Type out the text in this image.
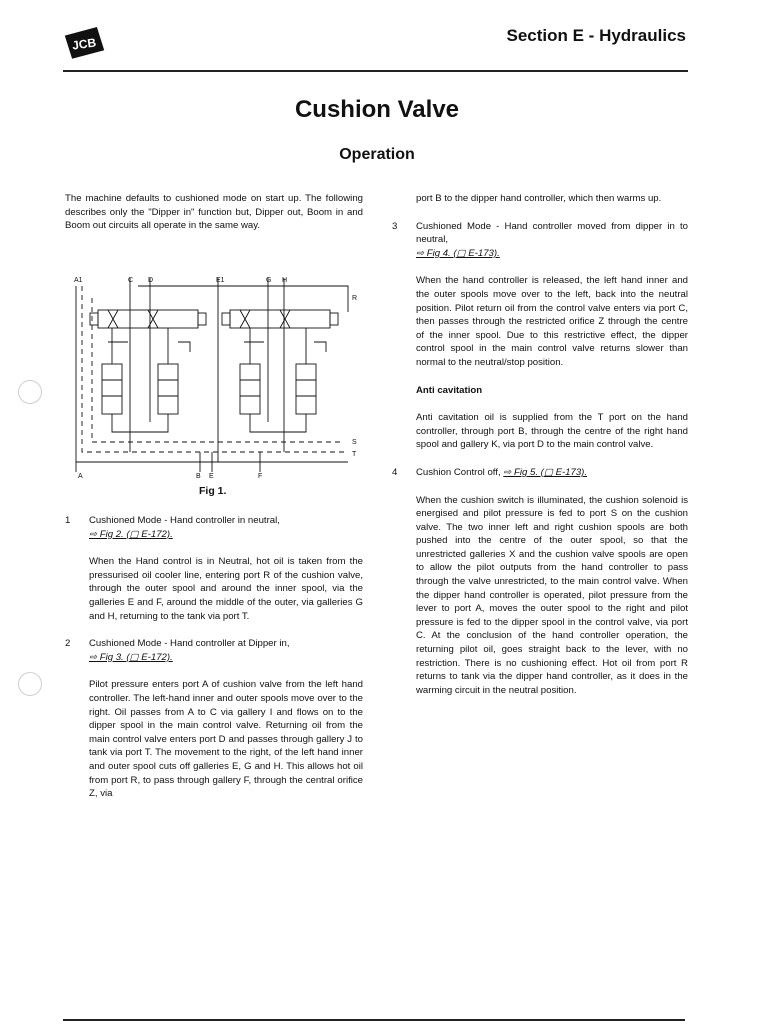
JCB	Section E - Hydraulics
Cushion Valve
Operation

The machine defaults to cushioned mode on start up. The following describes only the "Dipper in" function but, Dipper out, Boom in and Boom out circuits all operate in the same way.

A1	C D	E1	G H
R
S
T
A	B E	F

Fig 1.

1	Cushioned Mode - Hand controller in neutral,

⇨ Fig 2. (▢ E-172).

When the Hand control is in Neutral, hot oil is taken from the pressurised oil cooler line, entering port R of the cushion valve, through the outer spool and around the inner spool, via the galleries E and F, around the middle of the outer, via galleries G and H, returning to the tank via port T.

2	Cushioned Mode - Hand controller at Dipper in,

⇨ Fig 3. (▢ E-172).

Pilot pressure enters port A of cushion valve from the left hand controller. The left-hand inner and outer spools move over to the right. Oil passes from A to C via gallery I and flows on to the dipper spool in the main control valve. Returning oil from the main control valve enters port D and passes through gallery J to tank via port T. The movement to the right, of the left hand inner and outer spool cuts off galleries E, G and H. This allows hot oil from port R, to pass through gallery F, through the central orifice Z, via

port B to the dipper hand controller, which then warms up.

3	Cushioned Mode - Hand controller moved from dipper in to neutral,

⇨ Fig 4. (▢ E-173).

When the hand controller is released, the left hand inner and the outer spools move over to the left, back into the neutral position. Pilot return oil from the control valve enters via port C, then passes through the restricted orifice Z through the centre of the inner spool. Due to this restrictive effect, the dipper control spool in the main control valve returns slower than normal to the neutral/stop position.

Anti cavitation

Anti cavitation oil is supplied from the T port on the hand controller, through port B, through the centre of the right hand spool and gallery K, via port D to the main control valve.

4	Cushion Control off, ⇨ Fig 5. (▢ E-173).

When the cushion switch is illuminated, the cushion solenoid is energised and pilot pressure is fed to port S on the cushion valve. The two inner left and right cushion spools are both pushed into the centre of the outer spool, so that the unrestricted galleries X and the cushion valve spools are open to allow the pilot outputs from the hand controller to pass through the valve unrestricted, to the main control valve. When the dipper hand controller is operated, pilot pressure from the lever to port A, moves the outer spool to the right and pilot pressure is fed to the dipper spool in the control valve, via port C. At the conclusion of the hand controller operation, the returning pilot oil, goes straight back to the lever, with no restriction. There is no cushioning effect. Hot oil from port R returns to tank via the dipper hand controller, as it does in the warming circuit in the neutral position.
